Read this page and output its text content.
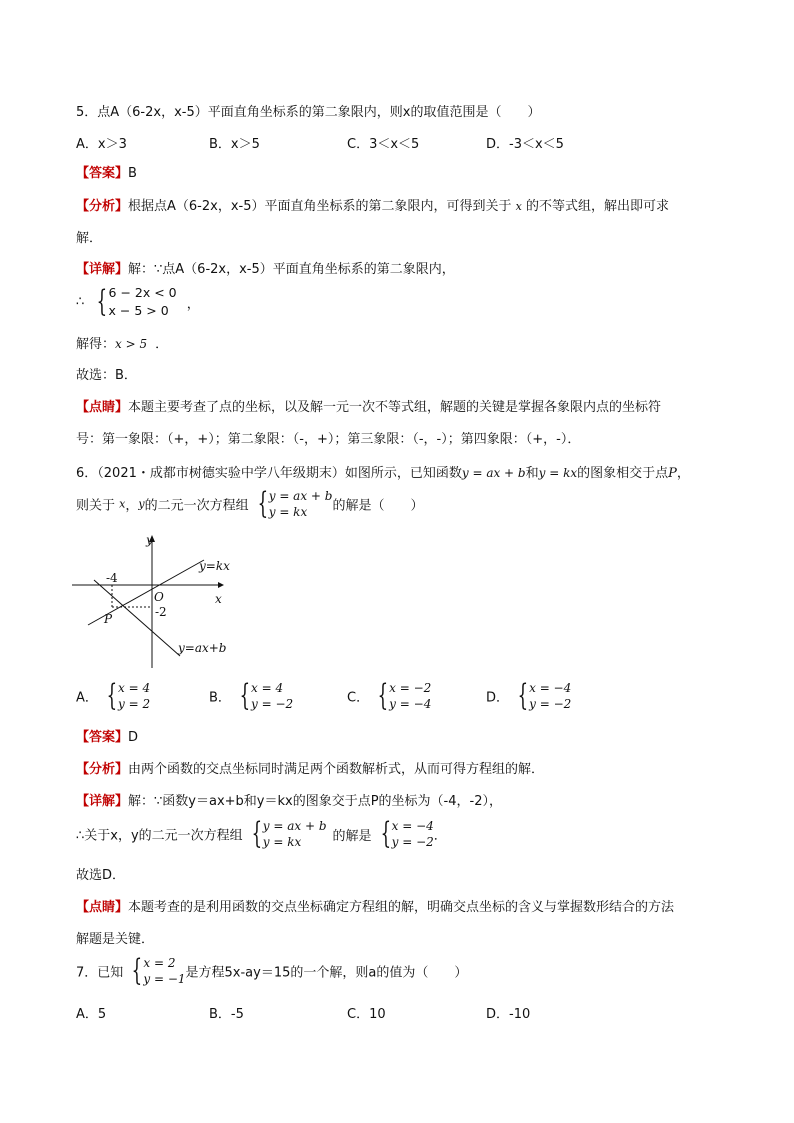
5．点A（6-2x，x-5）平面直角坐标系的第二象限内，则x的取值范围是（　　）
A．x＞3	B．x＞5	C．3＜x＜5	D．-3＜x＜5
【答案】B
【分析】根据点A（6-2x，x-5）平面直角坐标系的第二象限内，可得到关于 x 的不等式组，解出即可求
解．
【详解】解：∵点A（6-2x，x-5）平面直角坐标系的第二象限内，
∴ { 6 − 2x < 0
x − 5 > 0	，
解得：x > 5 ．
故选：B．
【点睛】本题主要考查了点的坐标，以及解一元一次不等式组，解题的关键是掌握各象限内点的坐标符
号：第一象限：（+，+）；第二象限：（-，+）；第三象限：（-，-）；第四象限：（+，-）．
6．（2021・成都市树德实验中学八年级期末）如图所示，已知函数y = ax + b和y = kx的图象相交于点P，
则关于 x，y的二元一次方程组 { y = ax + b
y = kx	的解是（　　）
y
x
O
y=kx
y=ax+b
-4
-2
P
A． { x = 4
y = 2	B． { x = 4
y = −2	C． { x = −2
y = −4	D． { x = −4
y = −2
【答案】D
【分析】由两个函数的交点坐标同时满足两个函数解析式，从而可得方程组的解．
【详解】解：∵函数y＝ax+b和y＝kx的图象交于点P的坐标为（-4，-2），
∴关于x，y的二元一次方程组 { y = ax + b
y = kx	的解是 { x = −4
y = −2 ．
故选D．
【点睛】本题考查的是利用函数的交点坐标确定方程组的解，明确交点坐标的含义与掌握数形结合的方法
解题是关键．
7．已知 { x = 2
y = −1 是方程5x-ay＝15的一个解，则a的值为（　　）
A．5	B．-5	C．10	D．-10
